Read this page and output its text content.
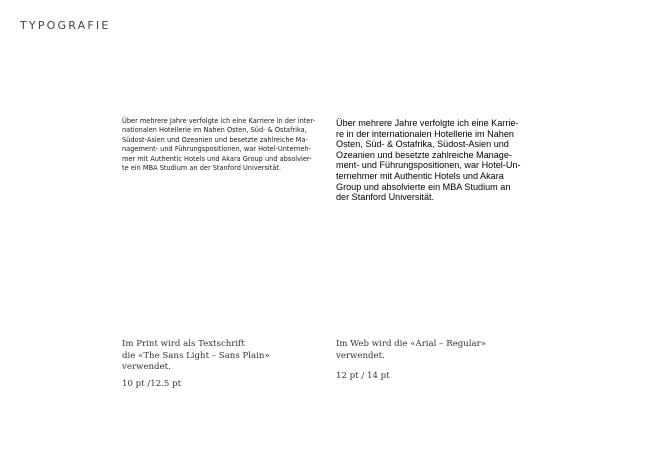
TYPOGRAFIE

Über mehrere Jahre verfolgte ich eine Karriere in der inter-
nationalen Hotellerie im Nahen Osten, Süd- & Ostafrika,
Südost-Asien und Ozeanien und besetzte zahlreiche Ma-
nagement- und Führungspositionen, war Hotel-Unterneh-
mer mit Authentic Hotels und Akara Group und absolvier-
te ein MBA Studium an der Stanford Universität.

Über mehrere Jahre verfolgte ich eine Karrie-
re in der internationalen Hotellerie im Nahen
Osten, Süd- & Ostafrika, Südost-Asien und
Ozeanien und besetzte zahlreiche Manage-
ment- und Führungspositionen, war Hotel-Un-
ternehmer mit Authentic Hotels und Akara
Group und absolvierte ein MBA Studium an
der Stanford Universität.

Im Print wird als Textschrift
die «The Sans Light – Sans Plain»
verwendet.

Im Web wird die «Arial – Regular»
verwendet.

10 pt /12.5 pt

12 pt / 14 pt
